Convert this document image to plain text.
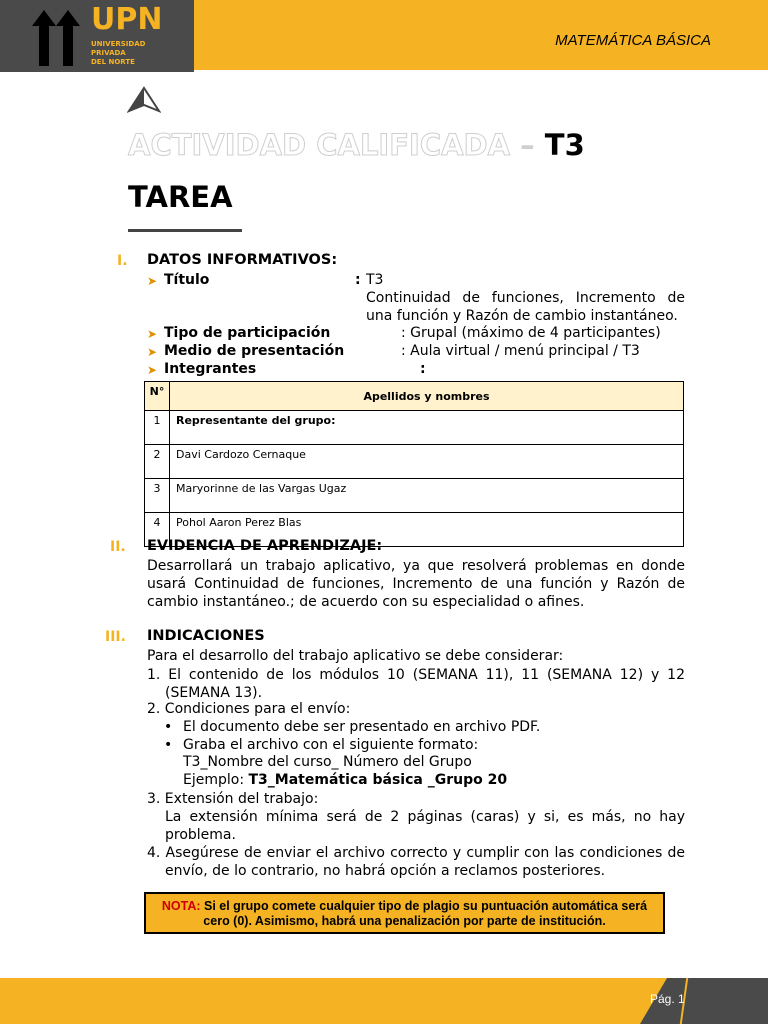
UPN
UNIVERSIDAD
PRIVADA
DEL NORTE
MATEMÁTICA BÁSICA
ACTIVIDAD CALIFICADA – T3
TAREA
I. DATOS INFORMATIVOS:
➤ Título	: T3
Continuidad de funciones, Incremento de una función y Razón de cambio instantáneo.
➤ Tipo de participación	: Grupal (máximo de 4 participantes)
➤ Medio de presentación	: Aula virtual / menú principal / T3
➤ Integrantes	:
N°	Apellidos y nombres
1	Representante del grupo:
2	Davi Cardozo Cernaque
3	Maryorinne de las Vargas Ugaz
4	Pohol Aaron Perez Blas
II. EVIDENCIA DE APRENDIZAJE:
Desarrollará un trabajo aplicativo, ya que resolverá problemas en donde usará Continuidad de funciones, Incremento de una función y Razón de cambio instantáneo.; de acuerdo con su especialidad o afines.
III. INDICACIONES
Para el desarrollo del trabajo aplicativo se debe considerar:
1. El contenido de los módulos 10 (SEMANA 11), 11 (SEMANA 12) y 12 (SEMANA 13).
2. Condiciones para el envío:
• El documento debe ser presentado en archivo PDF.
• Graba el archivo con el siguiente formato:
T3_Nombre del curso_ Número del Grupo
Ejemplo: T3_Matemática básica _Grupo 20
3. Extensión del trabajo:
La extensión mínima será de 2 páginas (caras) y si, es más, no hay problema.
4. Asegúrese de enviar el archivo correcto y cumplir con las condiciones de envío, de lo contrario, no habrá opción a reclamos posteriores.
NOTA: Si el grupo comete cualquier tipo de plagio su puntuación automática será
cero (0). Asimismo, habrá una penalización por parte de institución.
Pág. 1
